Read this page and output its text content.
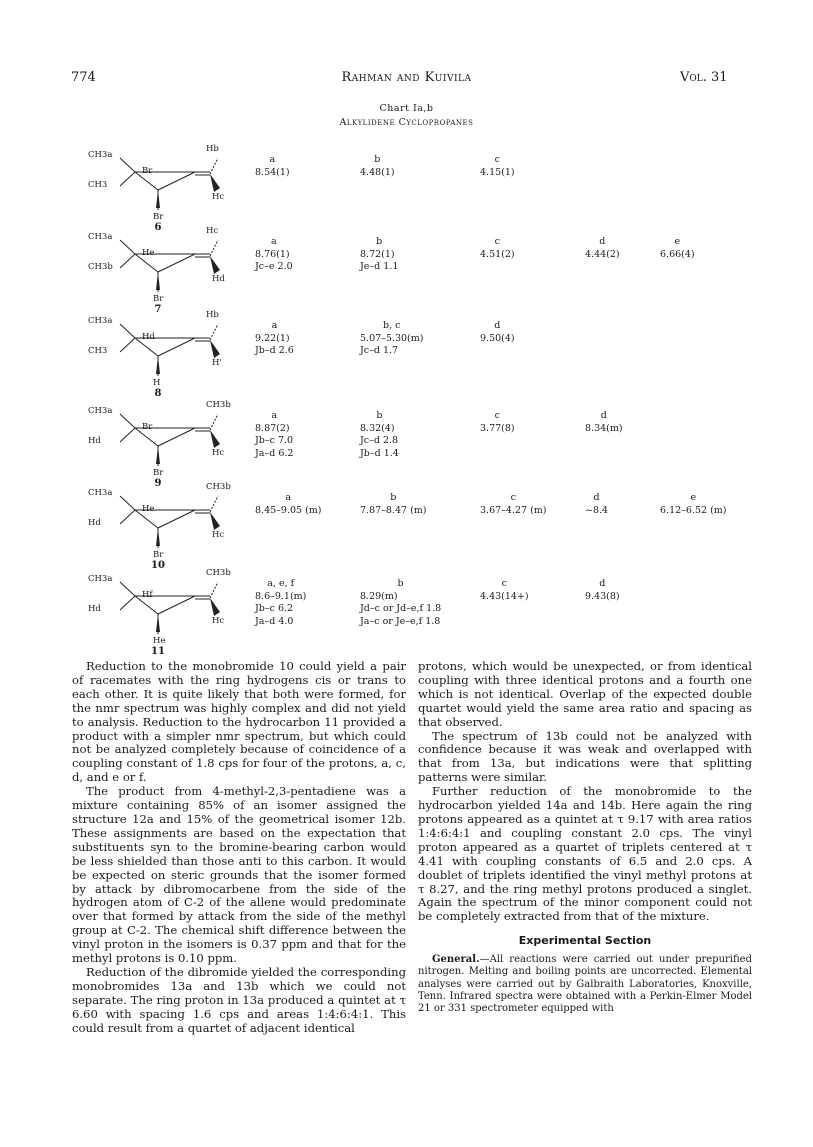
774	Rahman and Kuivila	Vol. 31
Chart Ia,b
Alkylidene Cyclopropanes
CH3a
CH3
Br
Br
Hb
Hc
6
a
8.54(1)
b
4.48(1)
c
4.15(1)
CH3a
CH3b
He
Br
Hc
Hd
7
a
8.76(1)
Jc–e 2.0
b
8.72(1)
Je–d 1.1
c
4.51(2)
d
4.44(2)
e
6.66(4)
CH3a
CH3
Hd
H
Hb
H'
8
a
9.22(1)
Jb–d 2.6
b, c
5.07–5.30(m)
Jc–d 1.7
d
9.50(4)
CH3a
Hd
Br
Br
CH3b
Hc
9
a
8.87(2)
Jb–c 7.0
Ja–d 6.2
b
8.32(4)
Jc–d 2.8
Jb–d 1.4
c
3.77(8)
d
8.34(m)
CH3a
Hd
He
Br
CH3b
Hc
10
a
8.45–9.05 (m)
b
7.87–8.47 (m)
c
3.67–4.27 (m)
d
~8.4
e
6.12–6.52 (m)
CH3a
Hd
Hf
He
CH3b
Hc
11
a, e, f
8.6–9.1(m)
Jb–c 6.2
Ja–d 4.0
b
8.29(m)
Jd–c or Jd–e,f 1.8
Ja–c or Je–e,f 1.8
c
4.43(14+)
d
9.43(8)

Reduction to the monobromide 10 could yield a pair of racemates with the ring hydrogens cis or trans to each other. It is quite likely that both were formed, for the nmr spectrum was highly complex and did not yield to analysis. Reduction to the hydrocarbon 11 provided a product with a simpler nmr spectrum, but which could not be analyzed completely because of coincidence of a coupling constant of 1.8 cps for four of the protons, a, c, d, and e or f.

The product from 4-methyl-2,3-pentadiene was a mixture containing 85% of an isomer assigned the structure 12a and 15% of the geometrical isomer 12b. These assignments are based on the expectation that substituents syn to the bromine-bearing carbon would be less shielded than those anti to this carbon. It would be expected on steric grounds that the isomer formed by attack by dibromocarbene from the side of the hydrogen atom of C-2 of the allene would predominate over that formed by attack from the side of the methyl group at C-2. The chemical shift difference between the vinyl proton in the isomers is 0.37 ppm and that for the methyl protons is 0.10 ppm.

Reduction of the dibromide yielded the corresponding monobromides 13a and 13b which we could not separate. The ring proton in 13a produced a quintet at τ 6.60 with spacing 1.6 cps and areas 1:4:6:4:1. This could result from a quartet of adjacent identical

protons, which would be unexpected, or from identical coupling with three identical protons and a fourth one which is not identical. Overlap of the expected double quartet would yield the same area ratio and spacing as that observed.

The spectrum of 13b could not be analyzed with confidence because it was weak and overlapped with that from 13a, but indications were that splitting patterns were similar.

Further reduction of the monobromide to the hydrocarbon yielded 14a and 14b. Here again the ring protons appeared as a quintet at τ 9.17 with area ratios 1:4:6:4:1 and coupling constant 2.0 cps. The vinyl proton appeared as a quartet of triplets centered at τ 4.41 with coupling constants of 6.5 and 2.0 cps. A doublet of triplets identified the vinyl methyl protons at τ 8.27, and the ring methyl protons produced a singlet. Again the spectrum of the minor component could not be completely extracted from that of the mixture.

Experimental Section

General.—All reactions were carried out under prepurified nitrogen. Melting and boiling points are uncorrected. Elemental analyses were carried out by Galbraith Laboratories, Knoxville, Tenn. Infrared spectra were obtained with a Perkin-Elmer Model 21 or 331 spectrometer equipped with
